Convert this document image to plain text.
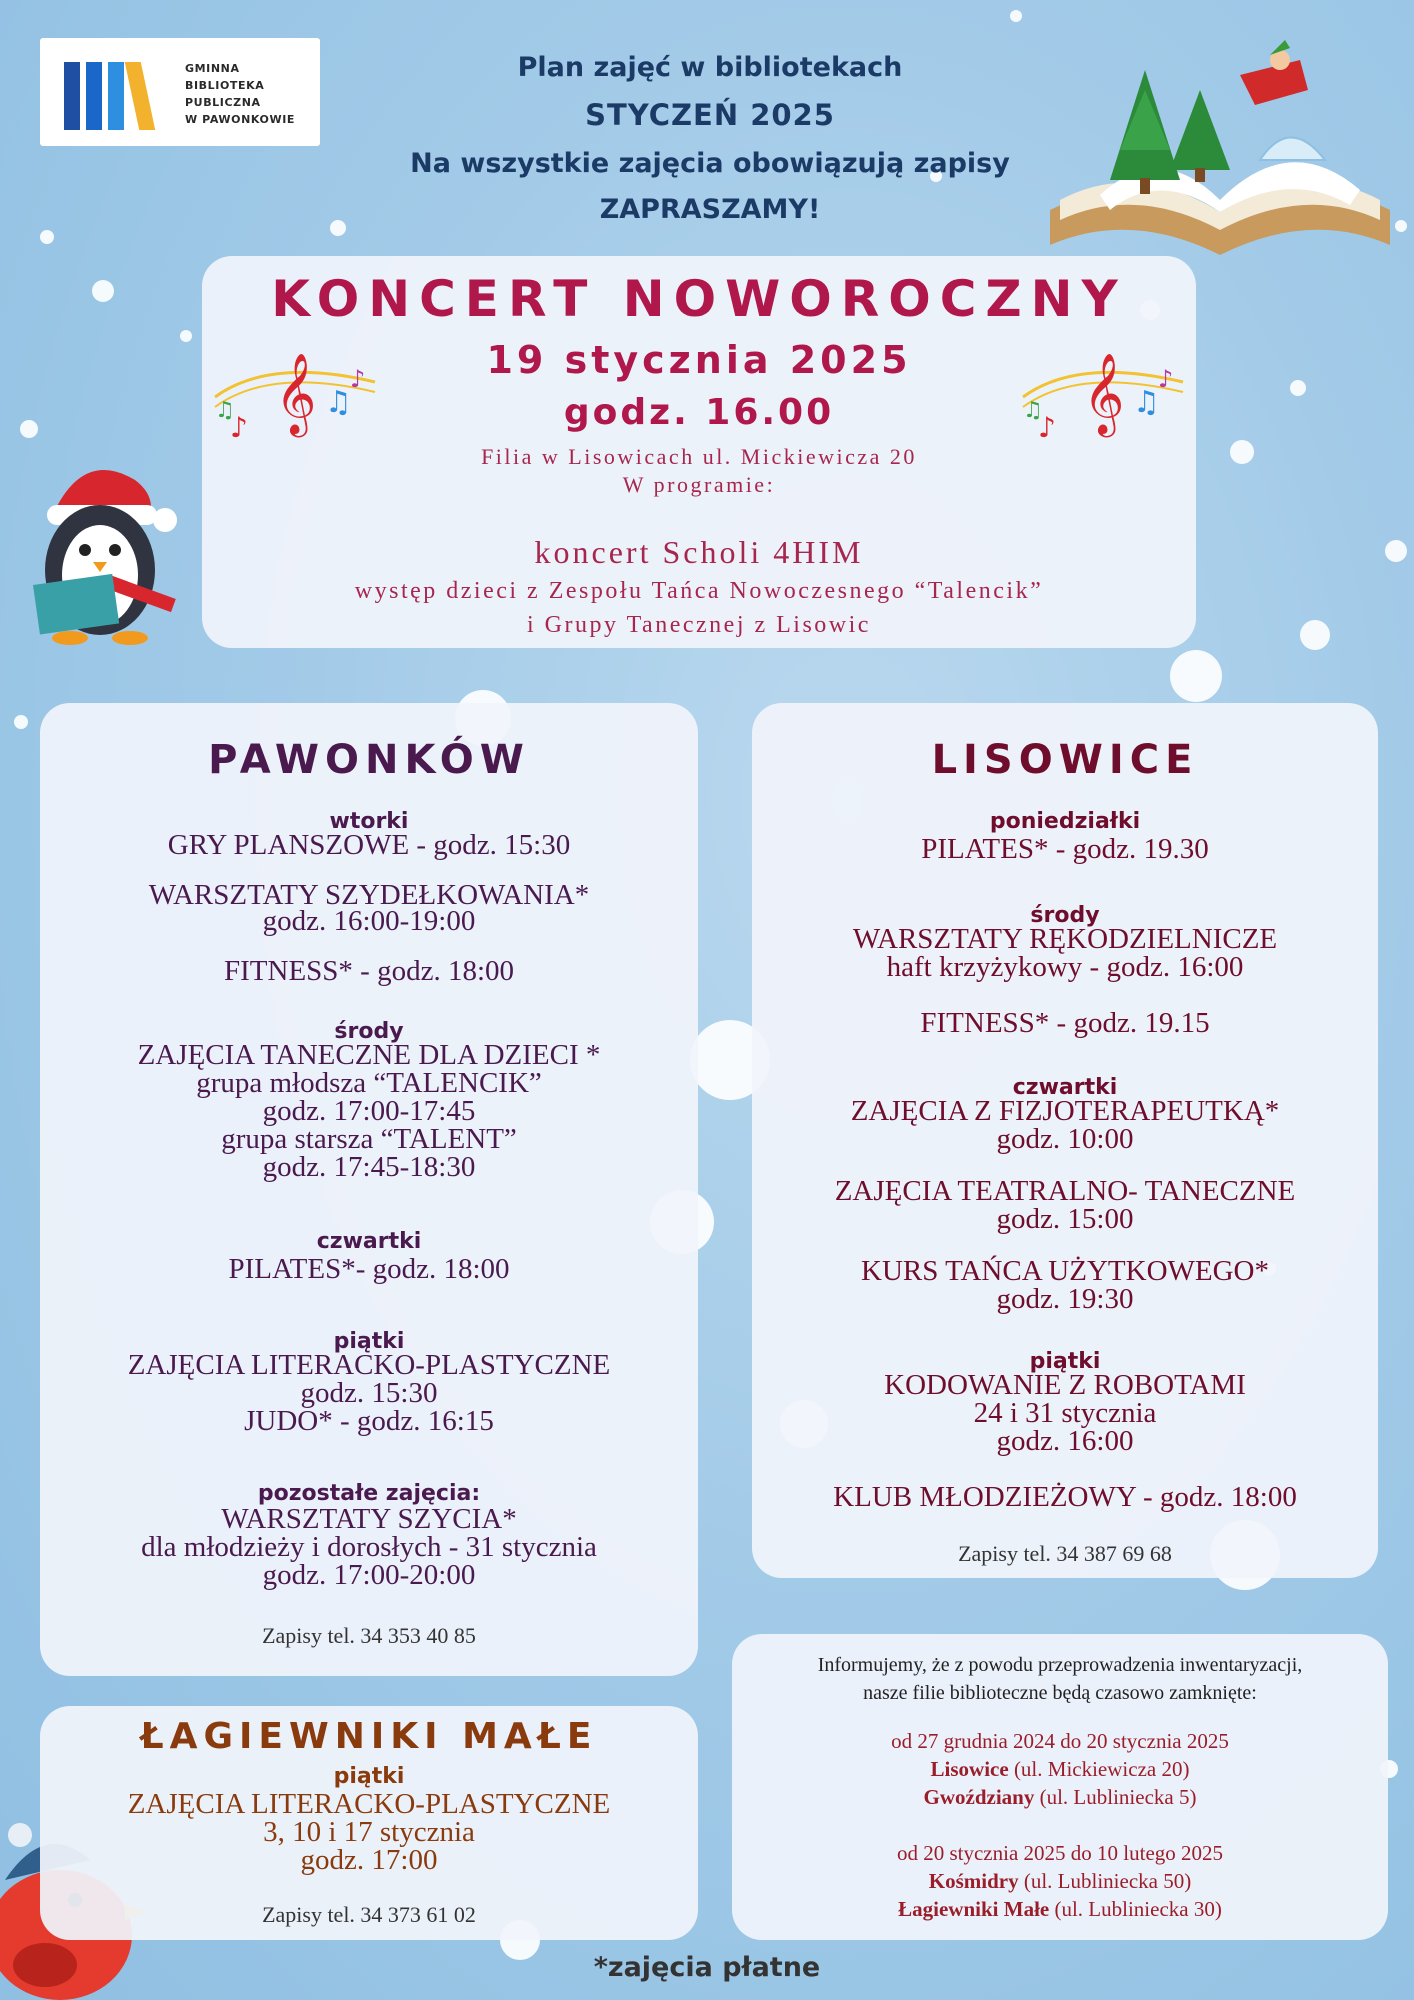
GMINNA
BIBLIOTEKA
PUBLICZNA
W PAWONKOWIE
Plan zajęć w bibliotekach
STYCZEŃ 2025
Na wszystkie zajęcia obowiązują zapisy
ZAPRASZAMY!
KONCERT NOWOROCZNY
19 stycznia 2025
godz. 16.00
Filia w Lisowicach ul. Mickiewicza 20
W programie:
koncert Scholi 4HIM
występ dzieci z Zespołu Tańca Nowoczesnego “Talencik”
i Grupy Tanecznej z Lisowic
𝄞
♪
♫
♪
♫	𝄞
♪
♫
♪
♫
PAWONKÓW
wtorki
GRY PLANSZOWE - godz. 15:30
WARSZTATY SZYDEŁKOWANIA*
godz. 16:00-19:00
FITNESS* - godz. 18:00
środy
ZAJĘCIA TANECZNE DLA DZIECI *
grupa młodsza “TALENCIK”
godz. 17:00-17:45
grupa starsza “TALENT”
godz. 17:45-18:30
czwartki
PILATES*- godz. 18:00
piątki
ZAJĘCIA LITERACKO-PLASTYCZNE
godz. 15:30
JUDO* - godz. 16:15
pozostałe zajęcia:
WARSZTATY SZYCIA*
dla młodzieży i dorosłych - 31 stycznia
godz. 17:00-20:00
Zapisy tel. 34 353 40 85
LISOWICE
poniedziałki
PILATES* - godz. 19.30
środy
WARSZTATY RĘKODZIELNICZE
haft krzyżykowy - godz. 16:00
FITNESS* - godz. 19.15
czwartki
ZAJĘCIA Z FIZJOTERAPEUTKĄ*
godz. 10:00
ZAJĘCIA TEATRALNO- TANECZNE
godz. 15:00
KURS TAŃCA UŻYTKOWEGO*
godz. 19:30
piątki
KODOWANIE Z ROBOTAMI
24 i 31 stycznia
godz. 16:00
KLUB MŁODZIEŻOWY - godz. 18:00
Zapisy tel. 34 387 69 68
ŁAGIEWNIKI MAŁE
piątki
ZAJĘCIA LITERACKO-PLASTYCZNE
3, 10 i 17 stycznia
godz. 17:00
Zapisy tel. 34 373 61 02
Informujemy, że z powodu przeprowadzenia inwentaryzacji,
nasze filie biblioteczne będą czasowo zamknięte:
od 27 grudnia 2024 do 20 stycznia 2025
Lisowice (ul. Mickiewicza 20)
Gwoździany (ul. Lubliniecka 5)
od 20 stycznia 2025 do 10 lutego 2025
Kośmidry (ul. Lubliniecka 50)
Łagiewniki Małe (ul. Lubliniecka 30)
*zajęcia płatne
